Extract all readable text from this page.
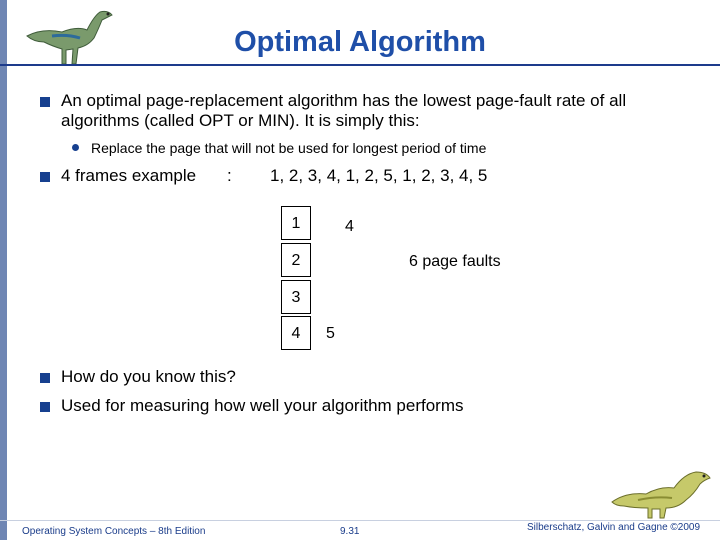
Optimal Algorithm
An optimal page-replacement algorithm has the lowest page-fault rate of all
algorithms (called OPT or MIN). It is simply this:
Replace the page that will not be used for longest period of time
4 frames example : 1, 2, 3, 4, 1, 2, 5, 1, 2, 3, 4, 5
1
2
3
4
4
6 page faults
5
How do you know this?
Used for measuring how well your algorithm performs
Operating System Concepts – 8th Edition	9.31	Silberschatz, Galvin and Gagne ©2009
